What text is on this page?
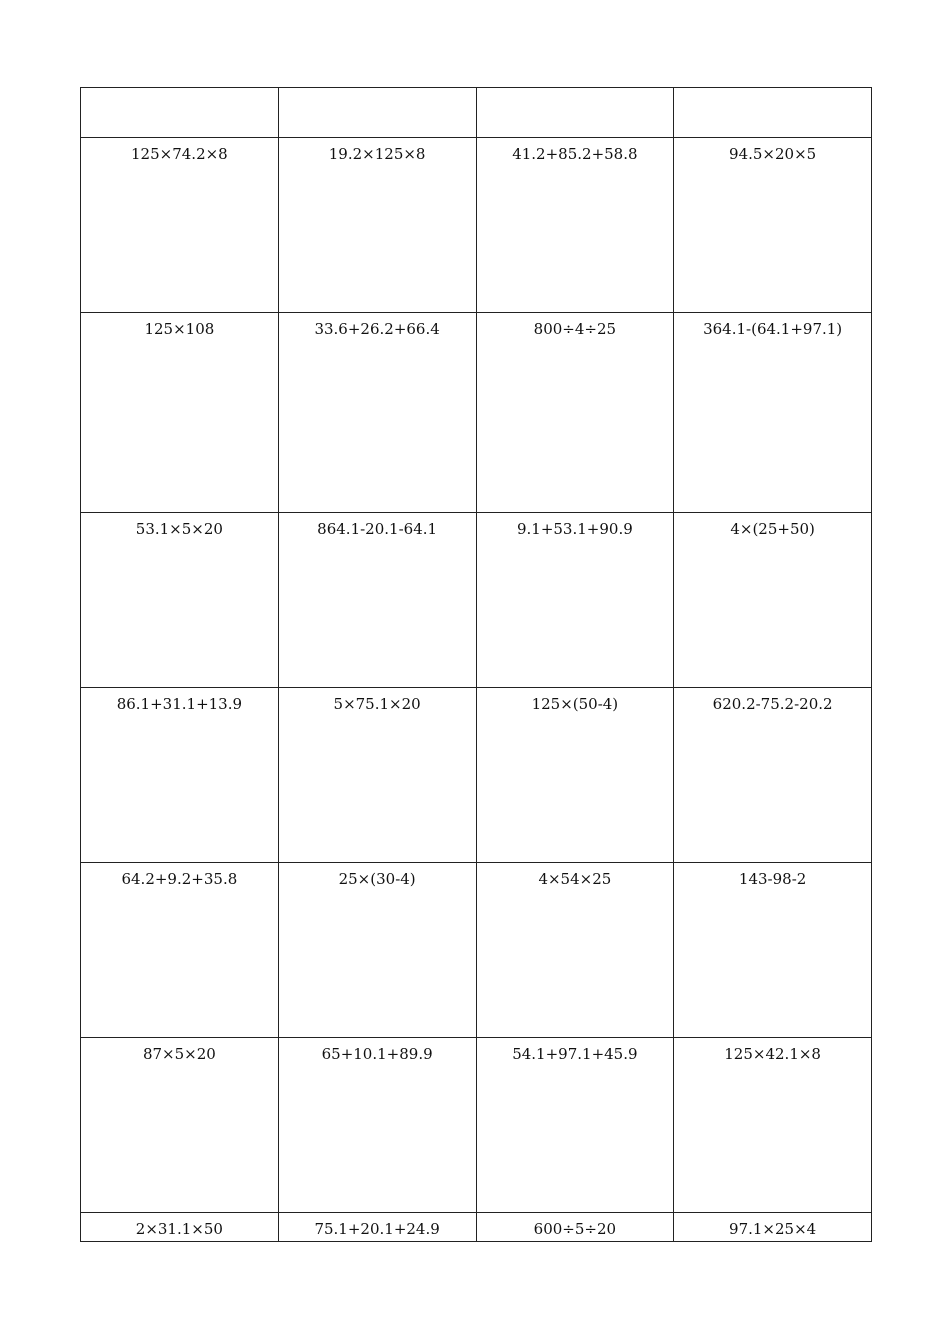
125×74.2×8	19.2×125×8	41.2+85.2+58.8	94.5×20×5
125×108	33.6+26.2+66.4	800÷4÷25	364.1-(64.1+97.1)
53.1×5×20	864.1-20.1-64.1	9.1+53.1+90.9	4×(25+50)
86.1+31.1+13.9	5×75.1×20	125×(50-4)	620.2-75.2-20.2
64.2+9.2+35.8	25×(30-4)	4×54×25	143-98-2
87×5×20	65+10.1+89.9	54.1+97.1+45.9	125×42.1×8
2×31.1×50	75.1+20.1+24.9	600÷5÷20	97.1×25×4
